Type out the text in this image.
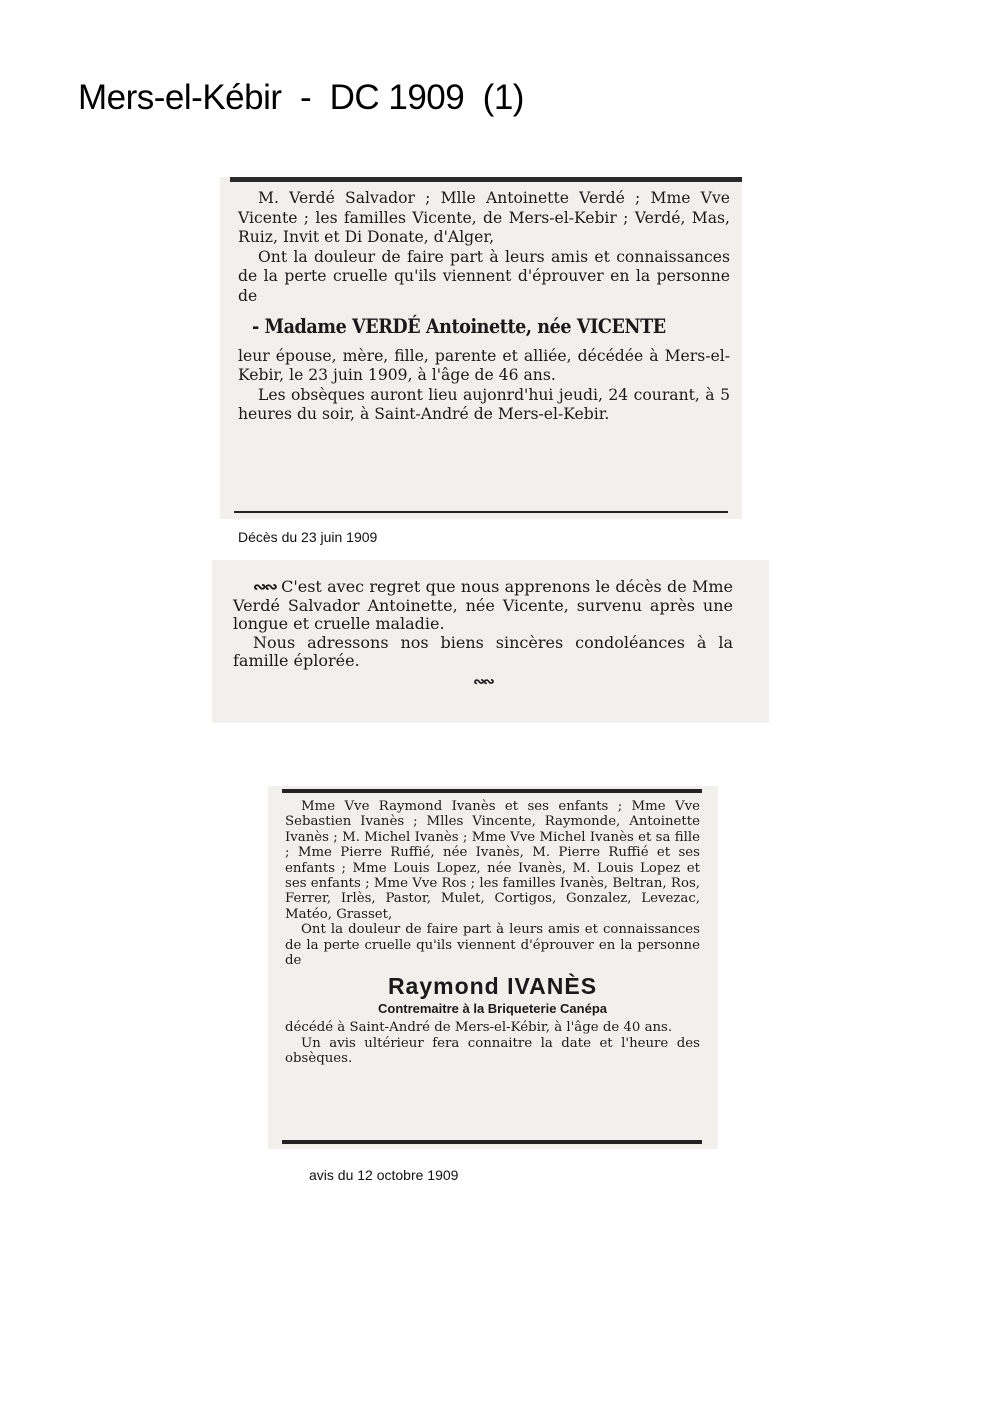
Mers-el-Kébir  -  DC 1909  (1)

M. Verdé Salvador ; Mlle Antoinette Verdé ; Mme Vve Vicente ; les familles Vicente, de Mers-el-Kebir ; Verdé, Mas, Ruiz, Invit et Di Donate, d'Alger,

Ont la douleur de faire part à leurs amis et connaissances de la perte cruelle qu'ils viennent d'éprouver en la personne de

- Madame VERDÉ Antoinette, née VICENTE

leur épouse, mère, fille, parente et alliée, décédée à Mers-el-Kebir, le 23 juin 1909, à l'âge de 46 ans.

Les obsèques auront lieu aujonrd'hui jeudi, 24 courant, à 5 heures du soir, à Saint-André de Mers-el-Kebir.

Décès du 23 juin 1909

∾∾ C'est avec regret que nous apprenons le décès de Mme Verdé Salvador Antoinette, née Vicente, survenu après une longue et cruelle maladie.

Nous adressons nos biens sincères condoléances à la famille éplorée.

∾∾

Mme Vve Raymond Ivanès et ses enfants ; Mme Vve Sebastien Ivanès ; Mlles Vincente, Raymonde, Antoinette Ivanès ; M. Michel Ivanès ; Mme Vve Michel Ivanès et sa fille ; Mme Pierre Ruffié, née Ivanès, M. Pierre Ruffié et ses enfants ; Mme Louis Lopez, née Ivanès, M. Louis Lopez et ses enfants ; Mme Vve Ros ; les familles Ivanès, Beltran, Ros, Ferrer, Irlès, Pastor, Mulet, Cortigos, Gonzalez, Levezac, Matéo, Grasset,

Ont la douleur de faire part à leurs amis et connaissances de la perte cruelle qu'ils viennent d'éprouver en la personne de

Raymond IVANÈS

Contremaitre à la Briqueterie Canépa

décédé à Saint-André de Mers-el-Kébir, à l'âge de 40 ans.

Un avis ultérieur fera connaitre la date et l'heure des obsèques.

avis du 12 octobre 1909
